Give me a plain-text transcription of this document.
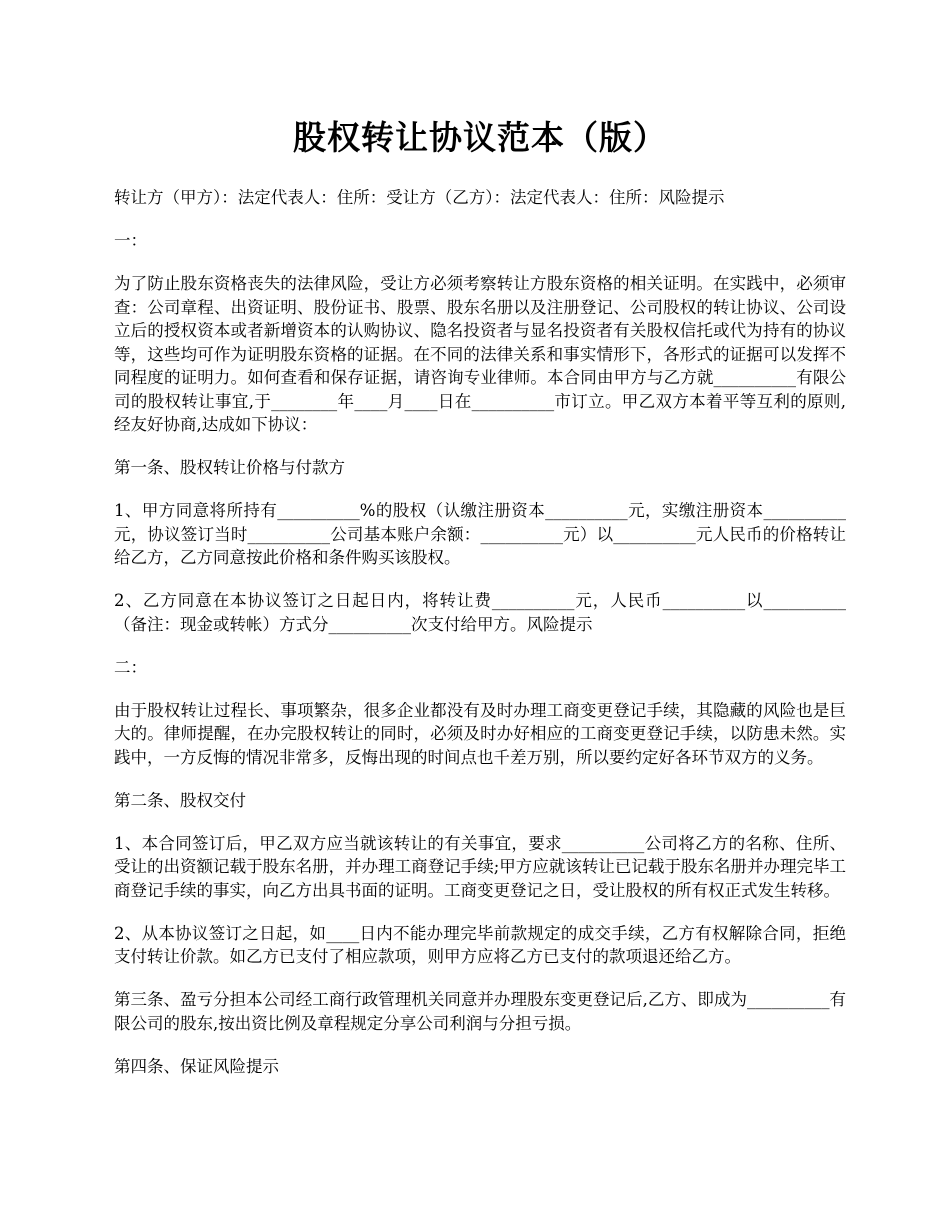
股权转让协议范本（版）

转让方（甲方）：法定代表人：住所：受让方（乙方）：法定代表人：住所：风险提示

一：

为了防止股东资格丧失的法律风险，受让方必须考察转让方股东资格的相关证明。在实践中，必须审查：公司章程、出资证明、股份证书、股票、股东名册以及注册登记、公司股权的转让协议、公司设立后的授权资本或者新增资本的认购协议、隐名投资者与显名投资者有关股权信托或代为持有的协议等，这些均可作为证明股东资格的证据。在不同的法律关系和事实情形下，各形式的证据可以发挥不同程度的证明力。如何查看和保存证据，请咨询专业律师。本合同由甲方与乙方就__________有限公司的股权转让事宜,于________年____月____日在__________市订立。甲乙双方本着平等互利的原则,经友好协商,达成如下协议：

第一条、股权转让价格与付款方

1、甲方同意将所持有__________%的股权（认缴注册资本__________元，实缴注册资本__________元，协议签订当时__________公司基本账户余额：__________元）以__________元人民币的价格转让给乙方，乙方同意按此价格和条件购买该股权。

2、乙方同意在本协议签订之日起日内，将转让费__________元，人民币__________以__________（备注：现金或转帐）方式分__________次支付给甲方。风险提示

二：

由于股权转让过程长、事项繁杂，很多企业都没有及时办理工商变更登记手续，其隐藏的风险也是巨大的。律师提醒，在办完股权转让的同时，必须及时办好相应的工商变更登记手续，以防患未然。实践中，一方反悔的情况非常多，反悔出现的时间点也千差万别，所以要约定好各环节双方的义务。

第二条、股权交付

1、本合同签订后，甲乙双方应当就该转让的有关事宜，要求__________公司将乙方的名称、住所、受让的出资额记载于股东名册，并办理工商登记手续;甲方应就该转让已记载于股东名册并办理完毕工商登记手续的事实，向乙方出具书面的证明。工商变更登记之日，受让股权的所有权正式发生转移。

2、从本协议签订之日起，如____日内不能办理完毕前款规定的成交手续，乙方有权解除合同，拒绝支付转让价款。如乙方已支付了相应款项，则甲方应将乙方已支付的款项退还给乙方。

第三条、盈亏分担本公司经工商行政管理机关同意并办理股东变更登记后,乙方、即成为__________有限公司的股东,按出资比例及章程规定分享公司利润与分担亏损。

第四条、保证风险提示
